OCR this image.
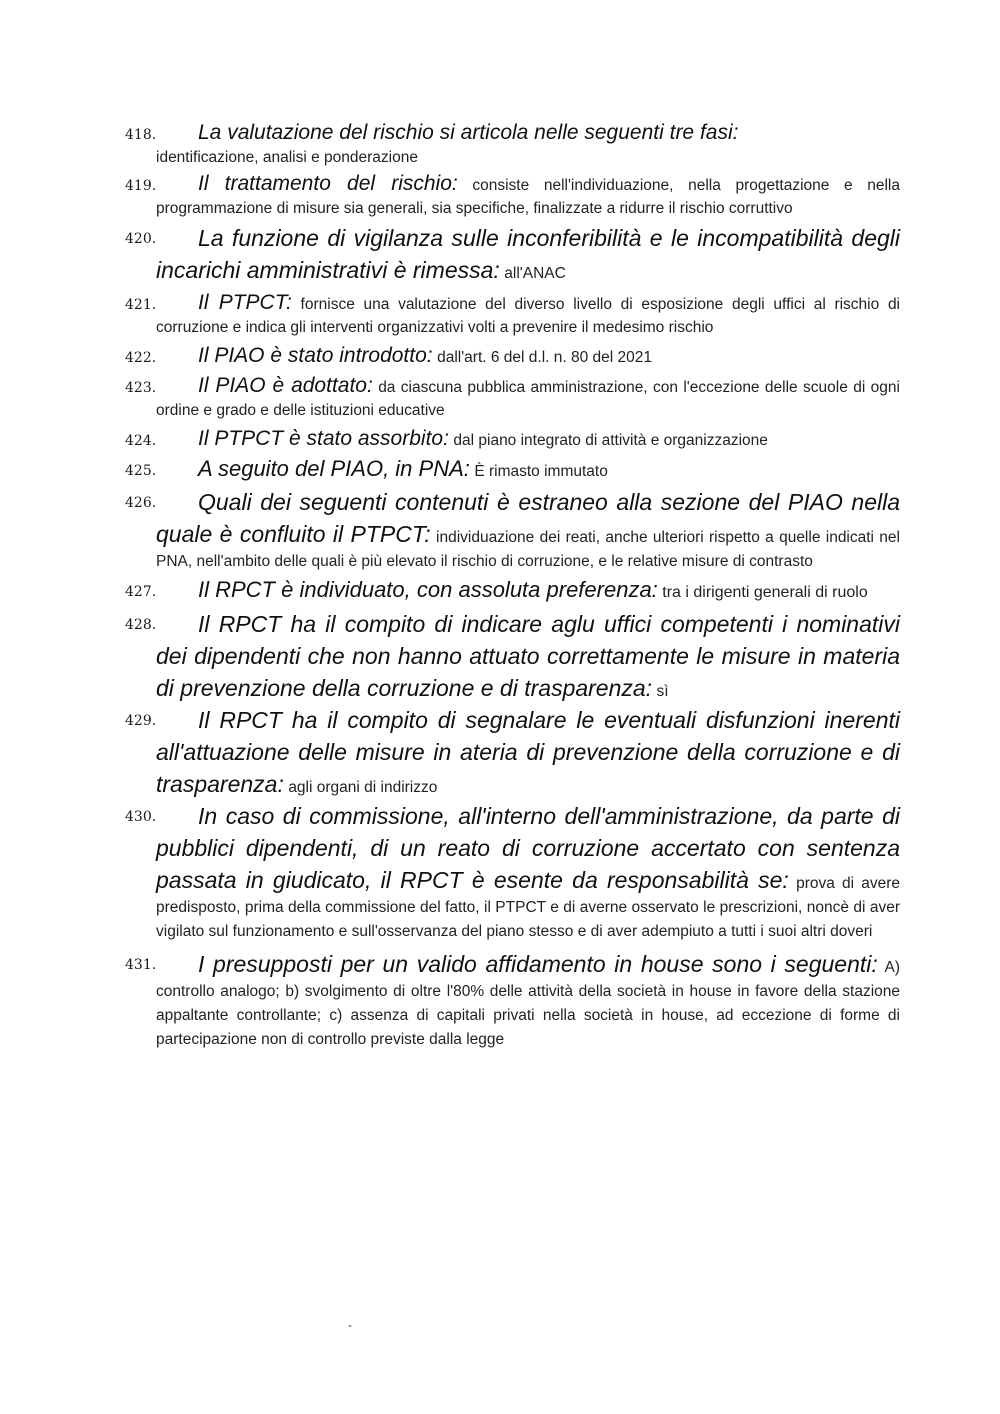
418. La valutazione del rischio si articola nelle seguenti tre fasi:
identificazione, analisi e ponderazione
419. Il trattamento del rischio: consiste nell'individuazione, nella progettazione e nella programmazione di misure sia generali, sia specifiche, finalizzate a ridurre il rischio corruttivo
420. La funzione di vigilanza sulle inconferibilità e le incompatibilità degli incarichi amministrativi è rimessa: all'ANAC
421. Il PTPCT: fornisce una valutazione del diverso livello di esposizione degli uffici al rischio di corruzione e indica gli interventi organizzativi volti a prevenire il medesimo rischio
422. Il PIAO è stato introdotto: dall'art. 6 del d.l. n. 80 del 2021
423. Il PIAO è adottato: da ciascuna pubblica amministrazione, con l'eccezione delle scuole di ogni ordine e grado e delle istituzioni educative
424. Il PTPCT è stato assorbito: dal piano integrato di attività e organizzazione
425. A seguito del PIAO, in PNA: È rimasto immutato
426. Quali dei seguenti contenuti è estraneo alla sezione del PIAO nella quale è confluito il PTPCT: individuazione dei reati, anche ulteriori rispetto a quelle indicati nel PNA, nell'ambito delle quali è più elevato il rischio di corruzione, e le relative misure di contrasto
427. Il RPCT è individuato, con assoluta preferenza: tra i dirigenti generali di ruolo
428. Il RPCT ha il compito di indicare aglu uffici competenti i nominativi dei dipendenti che non hanno attuato correttamente le misure in materia di prevenzione della corruzione e di trasparenza: sì
429. Il RPCT ha il compito di segnalare le eventuali disfunzioni inerenti all'attuazione delle misure in ateria di prevenzione della corruzione e di trasparenza: agli organi di indirizzo
430. In caso di commissione, all'interno dell'amministrazione, da parte di pubblici dipendenti, di un reato di corruzione accertato con sentenza passata in giudicato, il RPCT è esente da responsabilità se: prova di avere predisposto, prima della commissione del fatto, il PTPCT e di averne osservato le prescrizioni, noncè di aver vigilato sul funzionamento e sull'osservanza del piano stesso e di aver adempiuto a tutti i suoi altri doveri
431. I presupposti per un valido affidamento in house sono i seguenti: A) controllo analogo; b) svolgimento di oltre l'80% delle attività della società in house in favore della stazione appaltante controllante; c) assenza di capitali privati nella società in house, ad eccezione di forme di partecipazione non di controllo previste dalla legge
-
